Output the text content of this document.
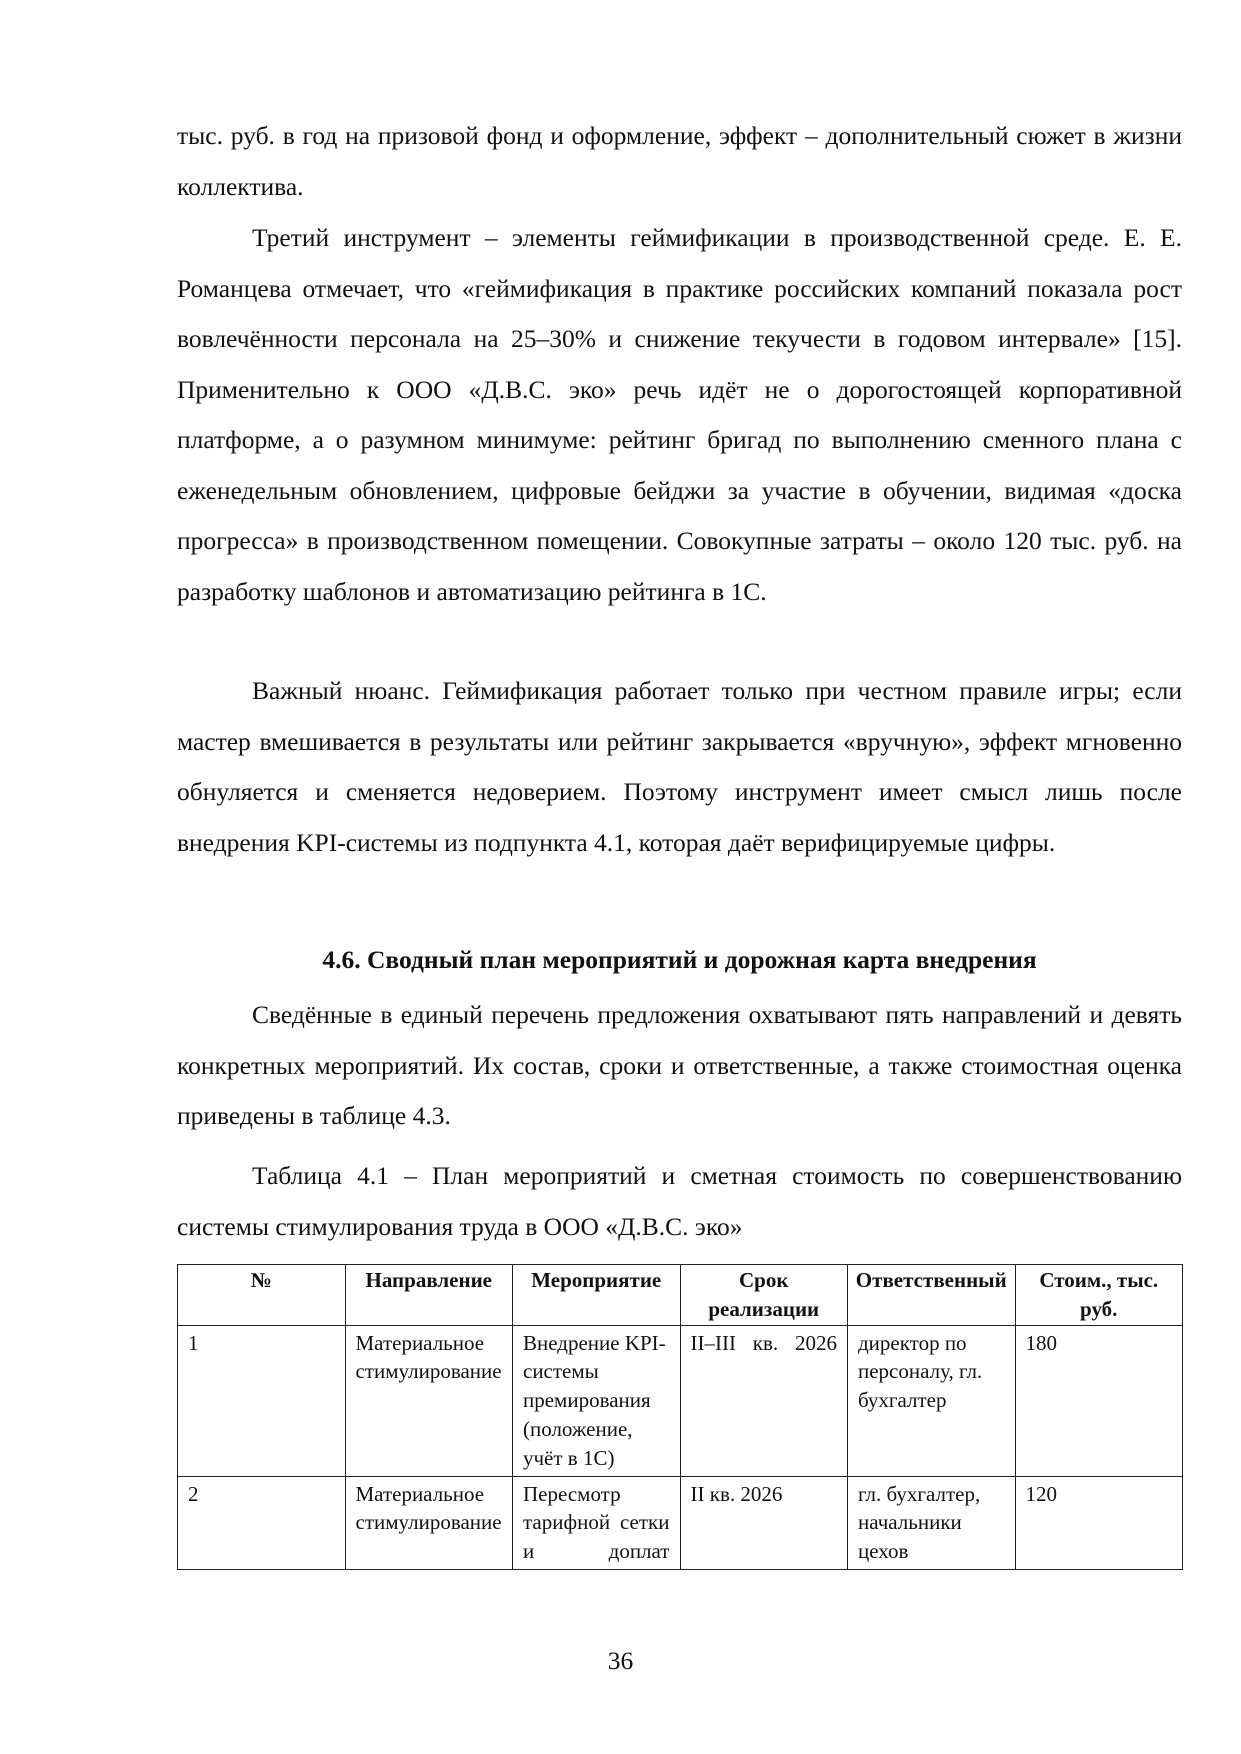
тыс. руб. в год на призовой фонд и оформление, эффект – дополнительный сюжет в жизни коллектива.

Третий инструмент – элементы геймификации в производственной среде. Е. Е. Романцева отмечает, что «геймификация в практике российских компаний показала рост вовлечённости персонала на 25–30% и снижение текучести в годовом интервале» [15]. Применительно к ООО «Д.В.С. эко» речь идёт не о дорогостоящей корпоративной платформе, а о разумном минимуме: рейтинг бригад по выполнению сменного плана с еженедельным обновлением, цифровые бейджи за участие в обучении, видимая «доска прогресса» в производственном помещении. Совокупные затраты – около 120 тыс. руб. на разработку шаблонов и автоматизацию рейтинга в 1С.

Важный нюанс. Геймификация работает только при честном правиле игры; если мастер вмешивается в результаты или рейтинг закрывается «вручную», эффект мгновенно обнуляется и сменяется недоверием. Поэтому инструмент имеет смысл лишь после внедрения KPI-системы из подпункта 4.1, которая даёт верифицируемые цифры.

4.6. Сводный план мероприятий и дорожная карта внедрения

Сведённые в единый перечень предложения охватывают пять направлений и девять конкретных мероприятий. Их состав, сроки и ответственные, а также стоимостная оценка приведены в таблице 4.3.

Таблица 4.1 – План мероприятий и сметная стоимость по совершенствованию системы стимулирования труда в ООО «Д.В.С. эко»

№	Направление	Мероприятие	Срок реализации	Ответственный	Стоим., тыс. руб.
1	Материальное стимулирование	Внедрение KPI-системы премирования (положение, учёт в 1С)	II–III кв. 2026	директор по персоналу, гл. бухгалтер	180
2	Материальное стимулирование	Пересмотр тарифной сетки и доплат	II кв. 2026	гл. бухгалтер, начальники цехов	120
36
